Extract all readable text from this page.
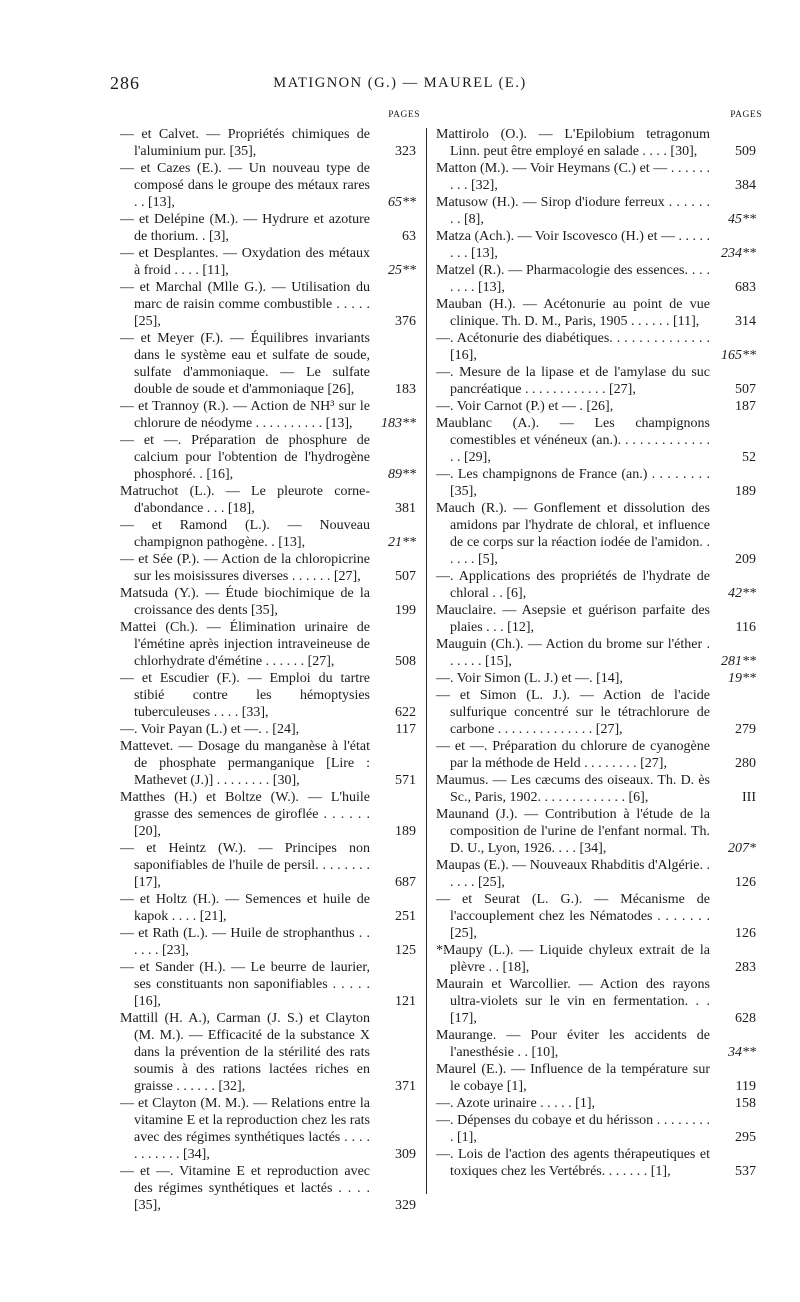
286	MATIGNON (G.) — MAUREL (E.)
PAGES	PAGES
— et Calvet. — Propriétés chimiques de l'aluminium pur. [35],	323
— et Cazes (E.). — Un nouveau type de composé dans le groupe des métaux rares . . [13],	65**
— et Delépine (M.). — Hydrure et azoture de thorium. . [3],	63
— et Desplantes. — Oxydation des métaux à froid . . . . [11],	25**
— et Marchal (Mlle G.). — Utilisation du marc de raisin comme combustible . . . . . [25],	376
— et Meyer (F.). — Équilibres invariants dans le système eau et sulfate de soude, sulfate d'ammoniaque. — Le sulfate double de soude et d'ammoniaque [26],	183
— et Trannoy (R.). — Action de NH³ sur le chlorure de néodyme . . . . . . . . . . [13],	183**
— et —. Préparation de phosphure de calcium pour l'obtention de l'hydrogène phosphoré. . [16],	89**
Matruchot (L.). — Le pleurote corne-d'abondance . . . [18],	381
— et Ramond (L.). — Nouveau champignon pathogène. . [13],	21**
— et Sée (P.). — Action de la chloropicrine sur les moisissures diverses . . . . . . [27],	507
Matsuda (Y.). — Étude biochimique de la croissance des dents [35],	199
Mattei (Ch.). — Élimination urinaire de l'émétine après injection intraveineuse de chlorhydrate d'émétine . . . . . . [27],	508
— et Escudier (F.). — Emploi du tartre stibié contre les hémoptysies tuberculeuses . . . . [33],	622
—. Voir Payan (L.) et —. . [24],	117
Mattevet. — Dosage du manganèse à l'état de phosphate permanganique [Lire : Mathevet (J.)] . . . . . . . . [30],	571
Matthes (H.) et Boltze (W.). — L'huile grasse des semences de giroflée . . . . . . [20],	189
— et Heintz (W.). — Principes non saponifiables de l'huile de persil. . . . . . . . [17],	687
— et Holtz (H.). — Semences et huile de kapok . . . . [21],	251
— et Rath (L.). — Huile de strophanthus . . . . . . [23],	125
— et Sander (H.). — Le beurre de laurier, ses constituants non saponifiables . . . . . [16],	121
Mattill (H. A.), Carman (J. S.) et Clayton (M. M.). — Efficacité de la substance X dans la prévention de la stérilité des rats soumis à des rations lactées riches en graisse . . . . . . [32],	371
— et Clayton (M. M.). — Relations entre la vitamine E et la reproduction chez les rats avec des régimes synthétiques lactés . . . . . . . . . . . [34],	309
— et —. Vitamine E et reproduction avec des régimes synthétiques et lactés . . . . [35],	329
Mattirolo (O.). — L'Epilobium tetragonum Linn. peut être employé en salade . . . . [30],	509
Matton (M.). — Voir Heymans (C.) et — . . . . . . . . . [32],	384
Matusow (H.). — Sirop d'iodure ferreux . . . . . . . . [8],	45**
Matza (Ach.). — Voir Iscovesco (H.) et — . . . . . . . . [13],	234**
Matzel (R.). — Pharmacologie des essences. . . . . . . . [13],	683
Mauban (H.). — Acétonurie au point de vue clinique. Th. D. M., Paris, 1905 . . . . . . [11],	314
—. Acétonurie des diabétiques. . . . . . . . . . . . . . [16],	165**
—. Mesure de la lipase et de l'amylase du suc pancréatique . . . . . . . . . . . . [27],	507
—. Voir Carnot (P.) et — . [26],	187
Maublanc (A.). — Les champignons comestibles et vénéneux (an.). . . . . . . . . . . . . . . [29],	52
—. Les champignons de France (an.) . . . . . . . . [35],	189
Mauch (R.). — Gonflement et dissolution des amidons par l'hydrate de chloral, et influence de ce corps sur la réaction iodée de l'amidon. . . . . . [5],	209
—. Applications des propriétés de l'hydrate de chloral . . [6],	42**
Mauclaire. — Asepsie et guérison parfaite des plaies . . . [12],	116
Mauguin (Ch.). — Action du brome sur l'éther . . . . . . [15],	281**
—. Voir Simon (L. J.) et —. [14],	19**
— et Simon (L. J.). — Action de l'acide sulfurique concentré sur le tétrachlorure de carbone . . . . . . . . . . . . . . [27],	279
— et —. Préparation du chlorure de cyanogène par la méthode de Held . . . . . . . . [27],	280
Maumus. — Les cæcums des oiseaux. Th. D. ès Sc., Paris, 1902. . . . . . . . . . . . . [6],	III
Maunand (J.). — Contribution à l'étude de la composition de l'urine de l'enfant normal. Th. D. U., Lyon, 1926. . . . [34],	207*
Maupas (E.). — Nouveaux Rhabditis d'Algérie. . . . . . [25],	126
— et Seurat (L. G.). — Mécanisme de l'accouplement chez les Nématodes . . . . . . . [25],	126
*Maupy (L.). — Liquide chyleux extrait de la plèvre . . [18],	283
Maurain et Warcollier. — Action des rayons ultra-violets sur le vin en fermentation. . . [17],	628
Maurange. — Pour éviter les accidents de l'anesthésie . . [10],	34**
Maurel (E.). — Influence de la température sur le cobaye [1],	119
—. Azote urinaire . . . . . [1],	158
—. Dépenses du cobaye et du hérisson . . . . . . . . . [1],	295
—. Lois de l'action des agents thérapeutiques et toxiques chez les Vertébrés. . . . . . . [1],	537
